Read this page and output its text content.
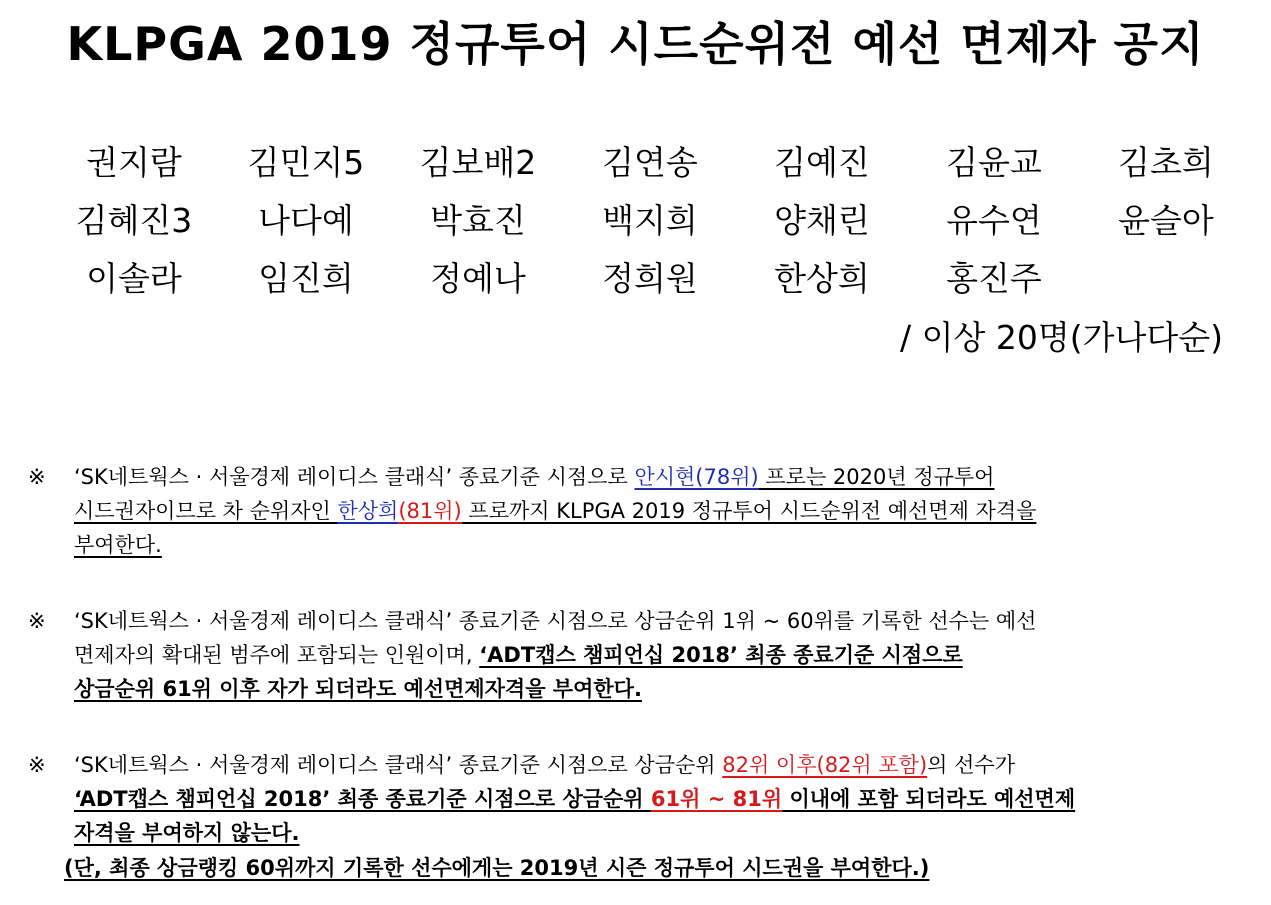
KLPGA 2019 정규투어 시드순위전 예선 면제자 공지
권지람	김민지5	김보배2	김연송	김예진	김윤교	김초희
김혜진3	나다예	박효진	백지희	양채린	유수연	윤슬아
이솔라	임진희	정예나	정희원	한상희	홍진주
/ 이상 20명(가나다순)
※ ‘SK네트웍스 · 서울경제 레이디스 클래식’ 종료기준 시점으로 안시현(78위) 프로는 2020년 정규투어
시드권자이므로 차 순위자인 한상희(81위) 프로까지 KLPGA 2019 정규투어 시드순위전 예선면제 자격을
부여한다.
※ ‘SK네트웍스 · 서울경제 레이디스 클래식’ 종료기준 시점으로 상금순위 1위 ~ 60위를 기록한 선수는 예선
면제자의 확대된 범주에 포함되는 인원이며, ‘ADT캡스 챔피언십 2018’ 최종 종료기준 시점으로
상금순위 61위 이후 자가 되더라도 예선면제자격을 부여한다.
※ ‘SK네트웍스 · 서울경제 레이디스 클래식’ 종료기준 시점으로 상금순위 82위 이후(82위 포함)의 선수가
‘ADT캡스 챔피언십 2018’ 최종 종료기준 시점으로 상금순위 61위 ~ 81위 이내에 포함 되더라도 예선면제
자격을 부여하지 않는다.
(단, 최종 상금랭킹 60위까지 기록한 선수에게는 2019년 시즌 정규투어 시드권을 부여한다.)
